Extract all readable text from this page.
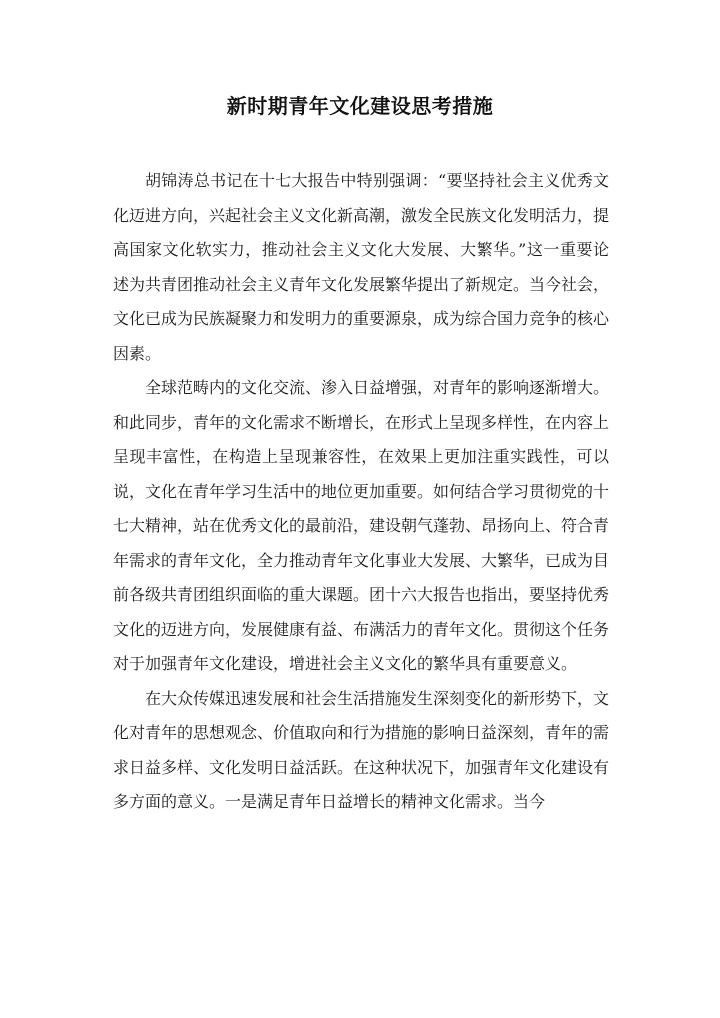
新时期青年文化建设思考措施

胡锦涛总书记在十七大报告中特别强调：“要坚持社会主义优秀文化迈进方向，兴起社会主义文化新高潮，激发全民族文化发明活力，提高国家文化软实力，推动社会主义文化大发展、大繁华。”这一重要论述为共青团推动社会主义青年文化发展繁华提出了新规定。当今社会，文化已成为民族凝聚力和发明力的重要源泉，成为综合国力竞争的核心因素。

全球范畴内的文化交流、渗入日益增强，对青年的影响逐渐增大。和此同步，青年的文化需求不断增长，在形式上呈现多样性，在内容上呈现丰富性，在构造上呈现兼容性，在效果上更加注重实践性，可以说，文化在青年学习生活中的地位更加重要。如何结合学习贯彻党的十七大精神，站在优秀文化的最前沿，建设朝气蓬勃、昂扬向上、符合青年需求的青年文化，全力推动青年文化事业大发展、大繁华，已成为目前各级共青团组织面临的重大课题。团十六大报告也指出，要坚持优秀文化的迈进方向，发展健康有益、布满活力的青年文化。贯彻这个任务对于加强青年文化建设，增进社会主义文化的繁华具有重要意义。

在大众传媒迅速发展和社会生活措施发生深刻变化的新形势下，文化对青年的思想观念、价值取向和行为措施的影响日益深刻，青年的需求日益多样、文化发明日益活跃。在这种状况下，加强青年文化建设有多方面的意义。一是满足青年日益增长的精神文化需求。当今
